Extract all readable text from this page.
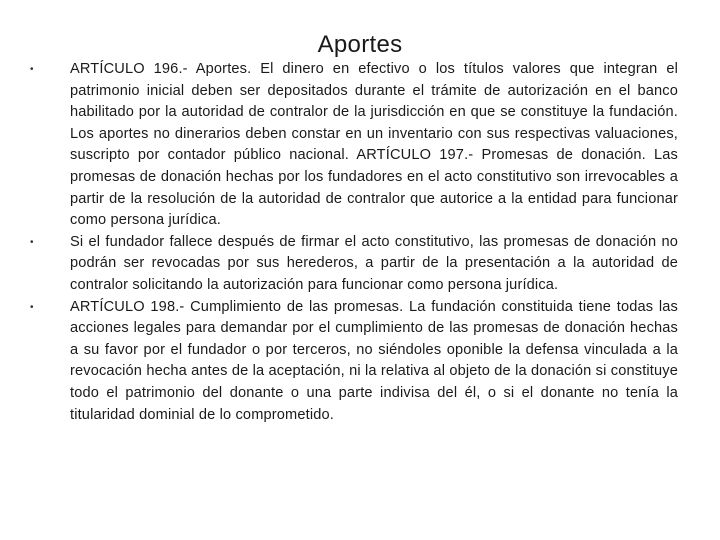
Aportes
• ARTÍCULO 196.- Aportes. El dinero en efectivo o los títulos valores que integran el patrimonio inicial deben ser depositados durante el trámite de autorización en el banco habilitado por la autoridad de contralor de la jurisdicción en que se constituye la fundación. Los aportes no dinerarios deben constar en un inventario con sus respectivas valuaciones, suscripto por contador público nacional. ARTÍCULO 197.- Promesas de donación. Las promesas de donación hechas por los fundadores en el acto constitutivo son irrevocables a partir de la resolución de la autoridad de contralor que autorice a la entidad para funcionar como persona jurídica.
• Si el fundador fallece después de firmar el acto constitutivo, las promesas de donación no podrán ser revocadas por sus herederos, a partir de la presentación a la autoridad de contralor solicitando la autorización para funcionar como persona jurídica.
• ARTÍCULO 198.- Cumplimiento de las promesas. La fundación constituida tiene todas las acciones legales para demandar por el cumplimiento de las promesas de donación hechas a su favor por el fundador o por terceros, no siéndoles oponible la defensa vinculada a la revocación hecha antes de la aceptación, ni la relativa al objeto de la donación si constituye todo el patrimonio del donante o una parte indivisa del él, o si el donante no tenía la titularidad dominial de lo comprometido.
